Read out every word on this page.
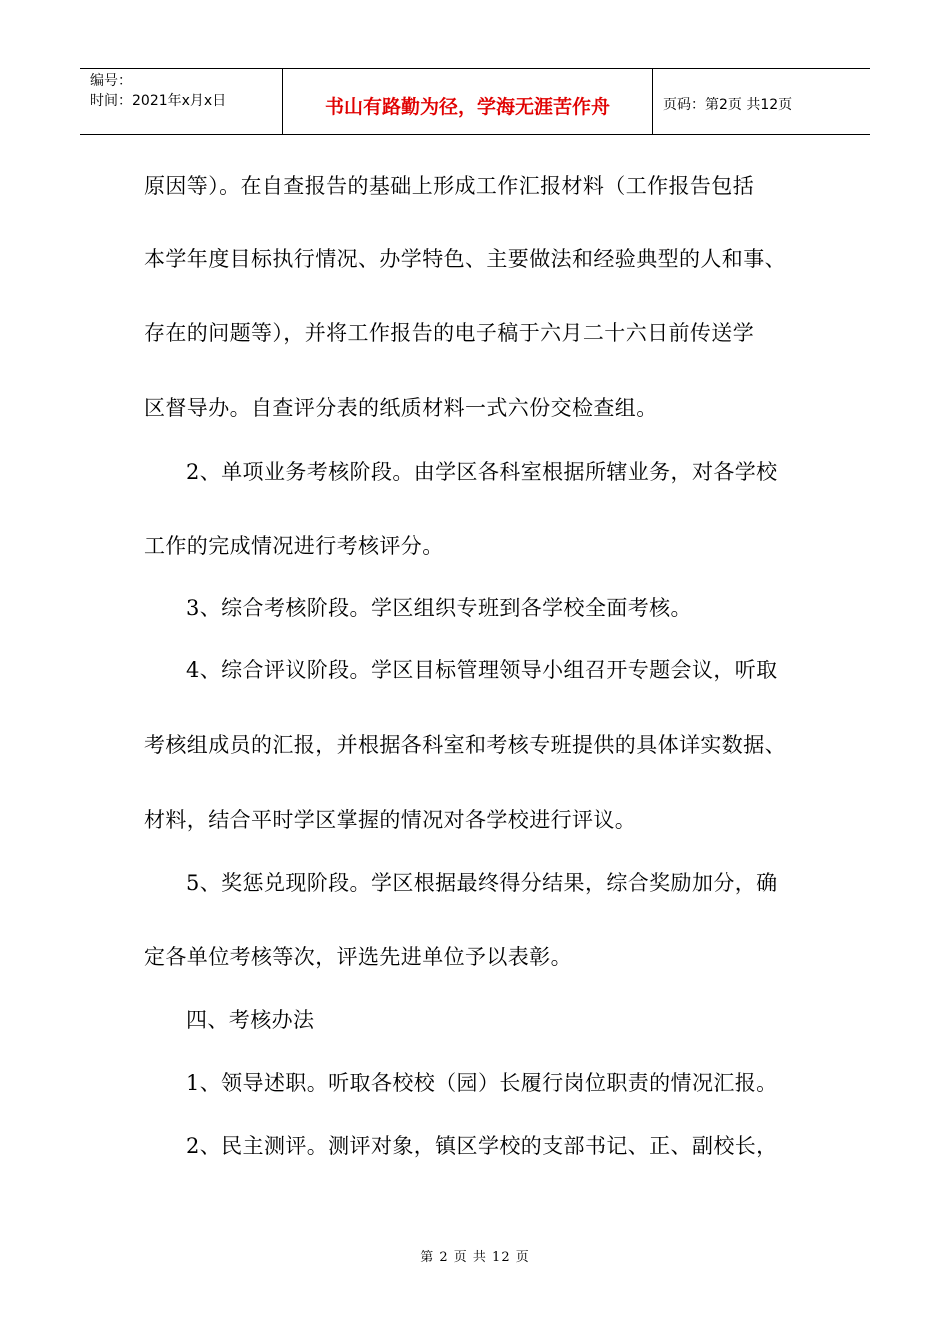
编号：
时间：2021年x月x日	书山有路勤为径，学海无涯苦作舟	页码：第2页 共12页

原因等）。在自查报告的基础上形成工作汇报材料（工作报告包括

本学年度目标执行情况、办学特色、主要做法和经验典型的人和事、

存在的问题等），并将工作报告的电子稿于六月二十六日前传送学

区督导办。自查评分表的纸质材料一式六份交检查组。

2、单项业务考核阶段。由学区各科室根据所辖业务，对各学校

工作的完成情况进行考核评分。

3、综合考核阶段。学区组织专班到各学校全面考核。

4、综合评议阶段。学区目标管理领导小组召开专题会议，听取

考核组成员的汇报，并根据各科室和考核专班提供的具体详实数据、

材料，结合平时学区掌握的情况对各学校进行评议。

5、奖惩兑现阶段。学区根据最终得分结果，综合奖励加分，确

定各单位考核等次，评选先进单位予以表彰。

四、考核办法

1、领导述职。听取各校校（园）长履行岗位职责的情况汇报。

2、民主测评。测评对象，镇区学校的支部书记、正、副校长，

第 2 页 共 12 页
